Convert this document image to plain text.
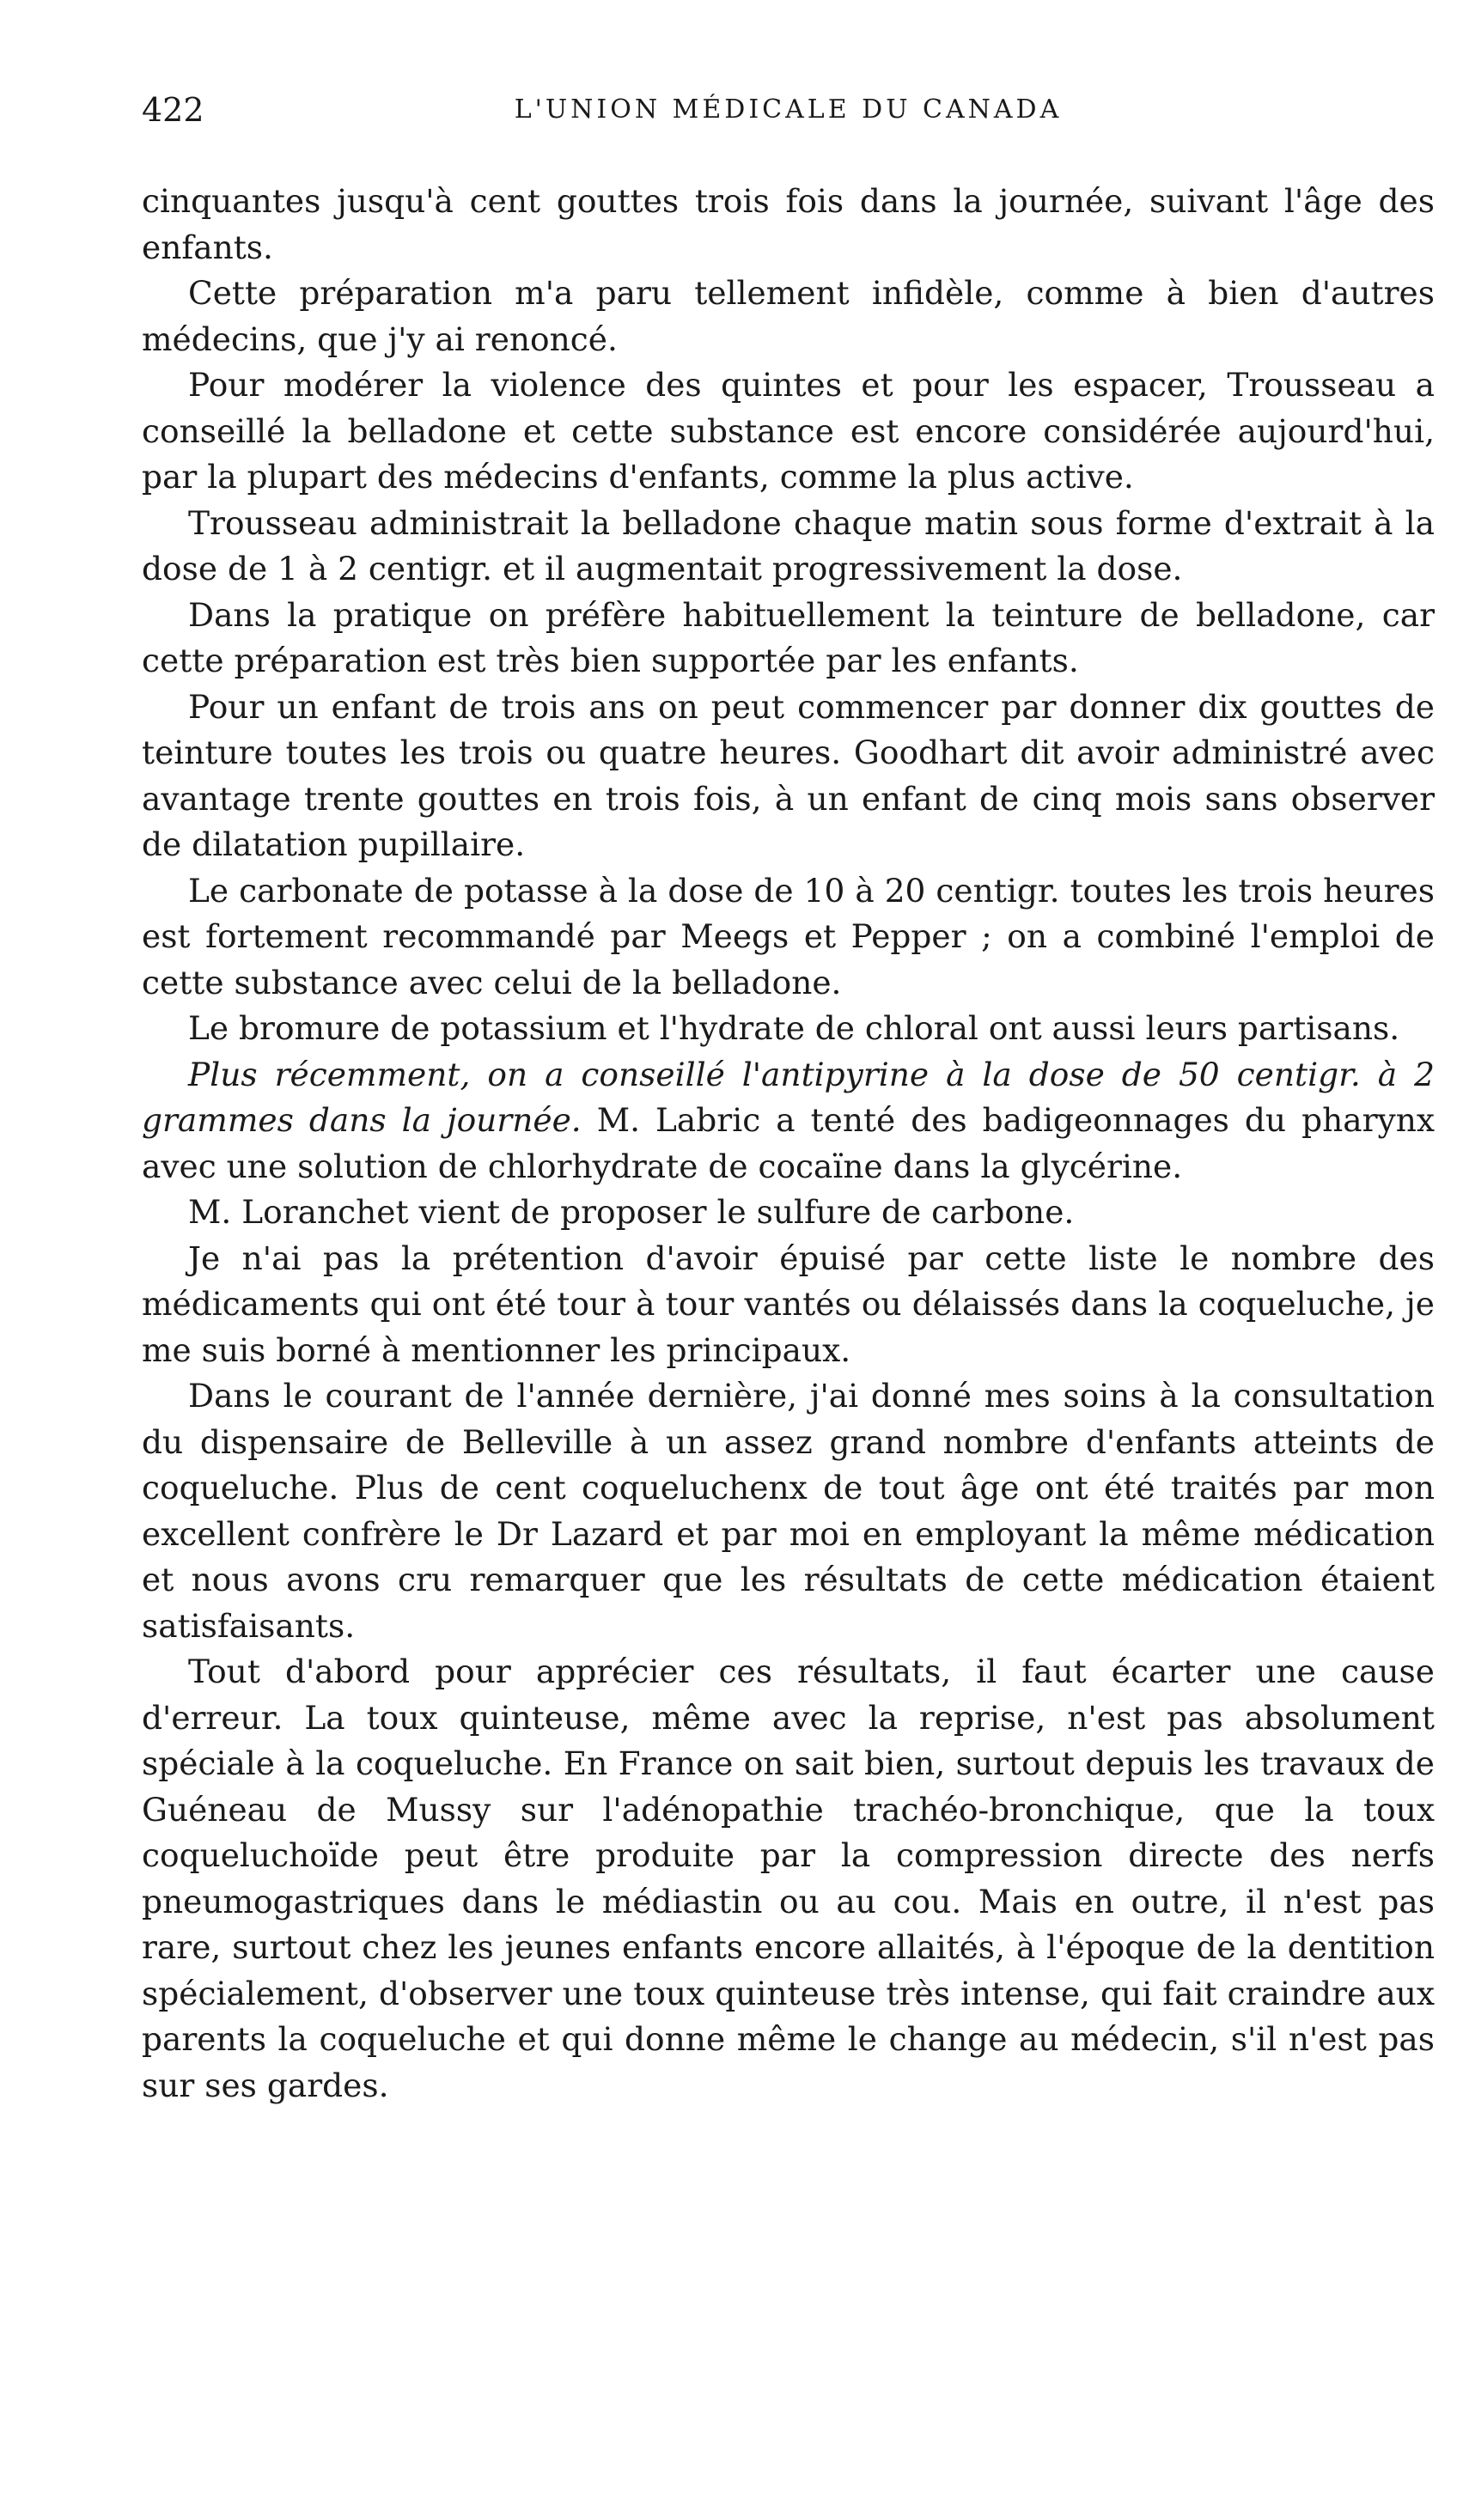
422	L'UNION MÉDICALE DU CANADA

cinquantes jusqu'à cent gouttes trois fois dans la journée, suivant l'âge des enfants.

Cette préparation m'a paru tellement infidèle, comme à bien d'autres médecins, que j'y ai renoncé.

Pour modérer la violence des quintes et pour les espacer, Trousseau a conseillé la belladone et cette substance est encore considérée aujourd'hui, par la plupart des médecins d'enfants, comme la plus active.

Trousseau administrait la belladone chaque matin sous forme d'extrait à la dose de 1 à 2 centigr. et il augmentait progressivement la dose.

Dans la pratique on préfère habituellement la teinture de belladone, car cette préparation est très bien supportée par les enfants.

Pour un enfant de trois ans on peut commencer par donner dix gouttes de teinture toutes les trois ou quatre heures. Goodhart dit avoir administré avec avantage trente gouttes en trois fois, à un enfant de cinq mois sans observer de dilatation pupillaire.

Le carbonate de potasse à la dose de 10 à 20 centigr. toutes les trois heures est fortement recommandé par Meegs et Pepper ; on a combiné l'emploi de cette substance avec celui de la belladone.

Le bromure de potassium et l'hydrate de chloral ont aussi leurs partisans.

Plus récemment, on a conseillé l'antipyrine à la dose de 50 centigr. à 2 grammes dans la journée. M. Labric a tenté des badigeonnages du pharynx avec une solution de chlorhydrate de cocaïne dans la glycérine.

M. Loranchet vient de proposer le sulfure de carbone.

Je n'ai pas la prétention d'avoir épuisé par cette liste le nombre des médicaments qui ont été tour à tour vantés ou délaissés dans la coqueluche, je me suis borné à mentionner les principaux.

Dans le courant de l'année dernière, j'ai donné mes soins à la consultation du dispensaire de Belleville à un assez grand nombre d'enfants atteints de coqueluche. Plus de cent coqueluchenx de tout âge ont été traités par mon excellent confrère le Dr Lazard et par moi en employant la même médication et nous avons cru remarquer que les résultats de cette médication étaient satisfaisants.

Tout d'abord pour apprécier ces résultats, il faut écarter une cause d'erreur. La toux quinteuse, même avec la reprise, n'est pas absolument spéciale à la coqueluche. En France on sait bien, surtout depuis les travaux de Guéneau de Mussy sur l'adénopathie trachéo-bronchique, que la toux coqueluchoïde peut être produite par la compression directe des nerfs pneumogastriques dans le médiastin ou au cou. Mais en outre, il n'est pas rare, surtout chez les jeunes enfants encore allaités, à l'époque de la dentition spécialement, d'observer une toux quinteuse très intense, qui fait craindre aux parents la coqueluche et qui donne même le change au médecin, s'il n'est pas sur ses gardes.
